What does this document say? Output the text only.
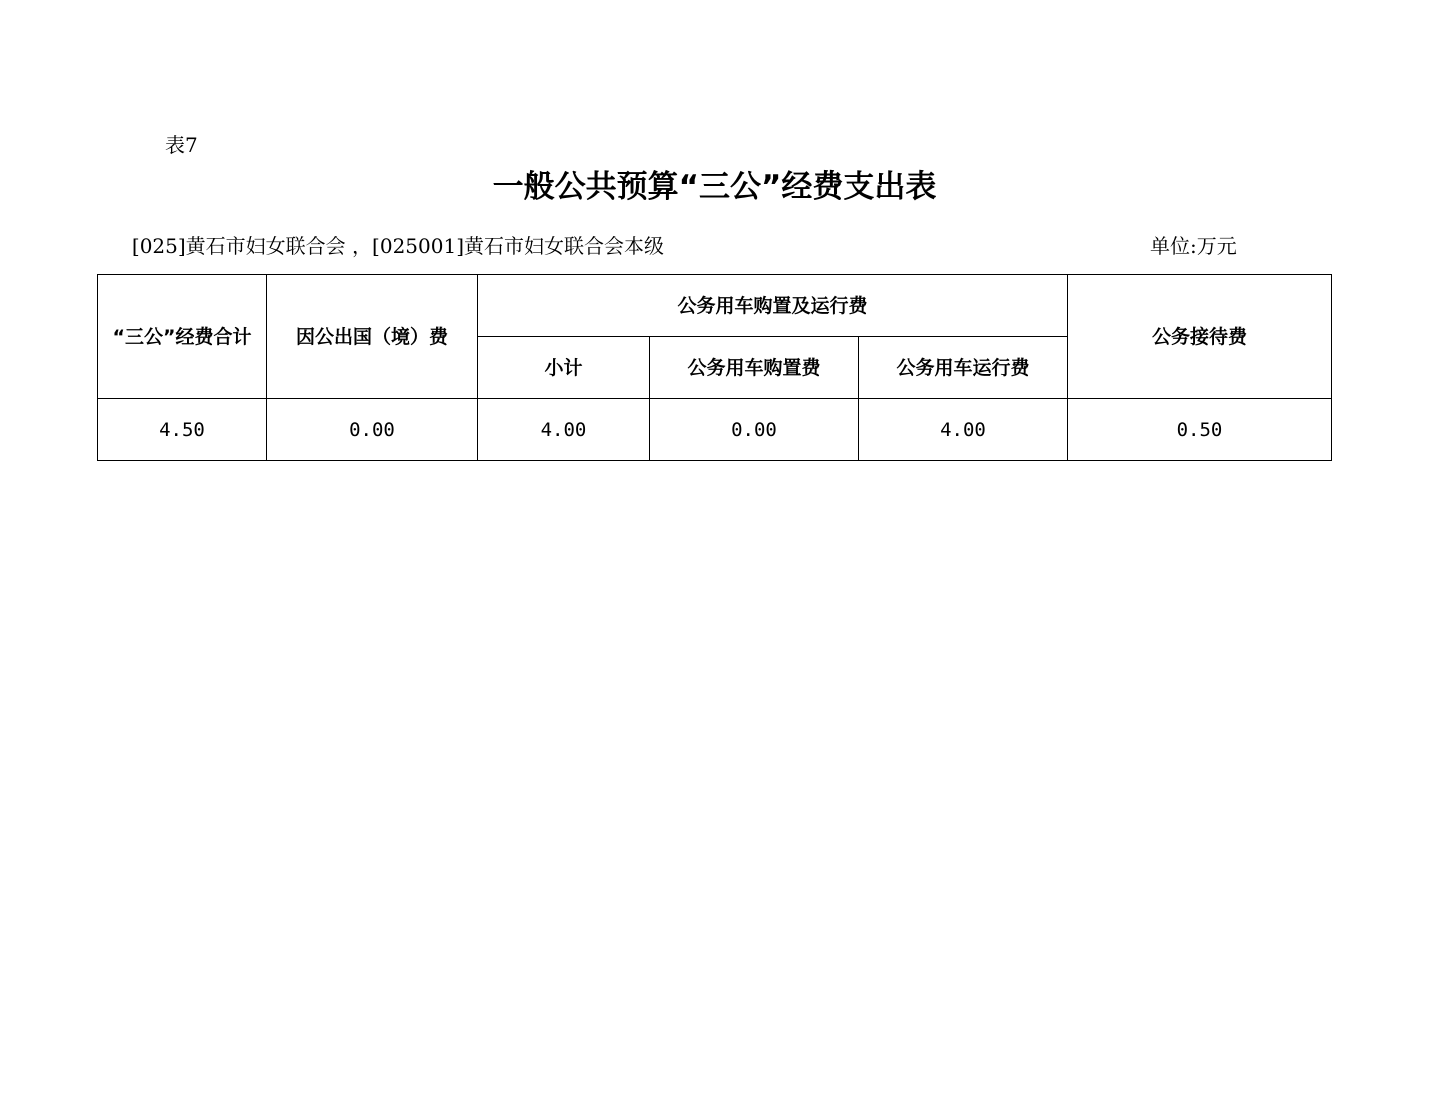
表7
一般公共预算“三公”经费支出表
[025]黄石市妇女联合会 ，[025001]黄石市妇女联合会本级	单位:万元
“三公”经费合计	因公出国（境）费	公务用车购置及运行费			公务接待费
		小计	公务用车购置费	公务用车运行费	
4.50	0.00	4.00	0.00	4.00	0.50
